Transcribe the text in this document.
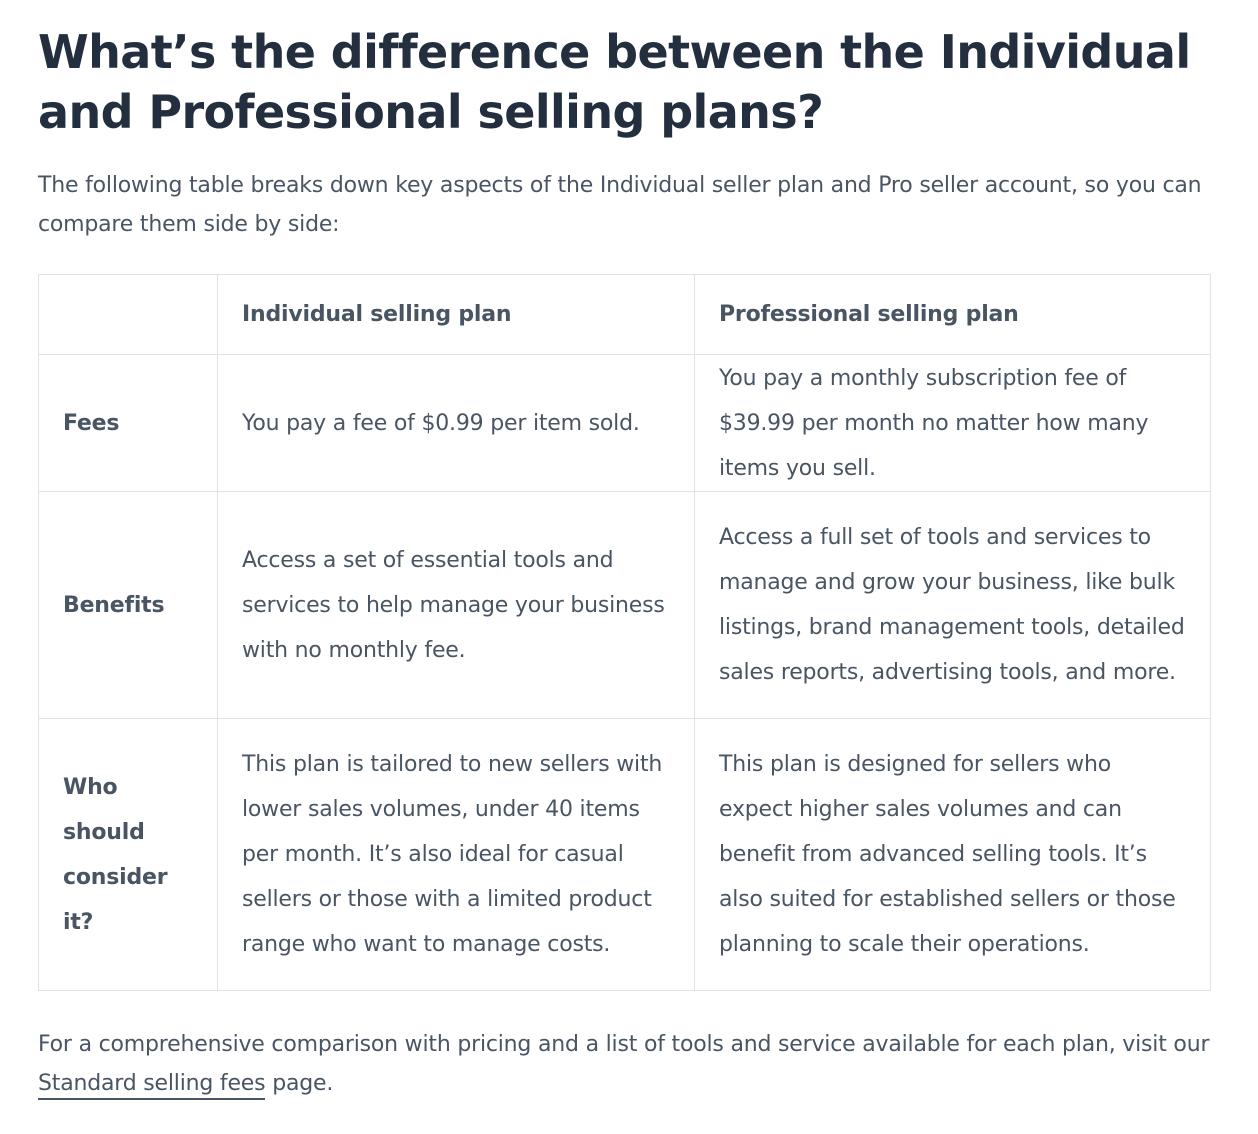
What’s the difference between the Individual and Professional selling plans?

The following table breaks down key aspects of the Individual seller plan and Pro seller account, so you can compare them side by side:

	Individual selling plan	Professional selling plan
Fees	You pay a fee of $0.99 per item sold.	You pay a monthly subscription fee of $39.99 per month no matter how many items you sell.
Benefits	Access a set of essential tools and services to help manage your business with no monthly fee.	Access a full set of tools and services to manage and grow your business, like bulk listings, brand management tools, detailed sales reports, advertising tools, and more.
Who should consider it?	This plan is tailored to new sellers with lower sales volumes, under 40 items per month. It’s also ideal for casual sellers or those with a limited product range who want to manage costs.	This plan is designed for sellers who expect higher sales volumes and can benefit from advanced selling tools. It’s also suited for established sellers or those planning to scale their operations.

For a comprehensive comparison with pricing and a list of tools and service available for each plan, visit our Standard selling fees page.
